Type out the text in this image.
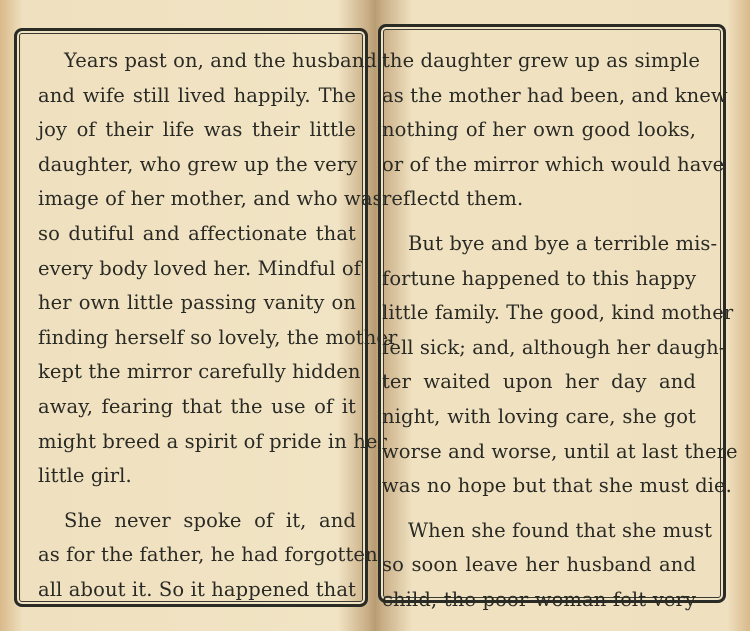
Years past on, and the husband
and wife still lived happily. The
joy of their life was their little
daughter, who grew up the very
image of her mother, and who was
so dutiful and affectionate that
every body loved her. Mindful of
her own little passing vanity on
finding herself so lovely, the mother
kept the mirror carefully hidden
away, fearing that the use of it
might breed a spirit of pride in her
little girl.
She never spoke of it, and
as for the father, he had forgotten
all about it. So it happened that
the daughter grew up as simple
as the mother had been, and knew
nothing of her own good looks,
or of the mirror which would have
reflectd them.
But bye and bye a terrible mis-
fortune happened to this happy
little family. The good, kind mother
fell sick; and, although her daugh-
ter waited upon her day and
night, with loving care, she got
worse and worse, until at last there
was no hope but that she must die.
When she found that she must
so soon leave her husband and
child, the poor woman felt very
